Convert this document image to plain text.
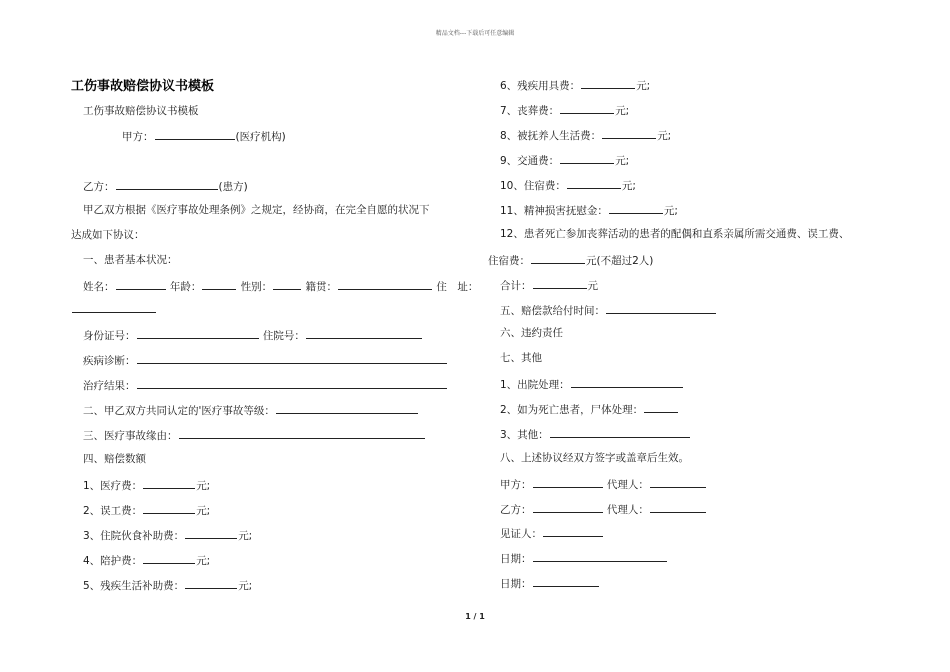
精品文档---下载后可任意编辑
工伤事故赔偿协议书模板
工伤事故赔偿协议书模板
甲方：	(医疗机构)
乙方：	(患方)
甲乙双方根据《医疗事故处理条例》之规定，经协商，在完全自愿的状况下
达成如下协议：
一、患者基本状况：
姓名：	年龄：	性别：	籍贯：	住　址：
身份证号：	住院号：
疾病诊断：
治疗结果：
二、甲乙双方共同认定的'医疗事故等级：
三、医疗事故缘由：
四、赔偿数额
1、医疗费：	元;
2、误工费：	元;
3、住院伙食补助费：	元;
4、陪护费：	元;
5、残疾生活补助费：	元;
6、残疾用具费：	元;
7、丧葬费：	元;
8、被抚养人生活费：	元;
9、交通费：	元;
10、住宿费：	元;
11、精神损害抚慰金：	元;
12、患者死亡参加丧葬活动的患者的配偶和直系亲属所需交通费、误工费、
住宿费：	元(不超过2人)
合计：	元
五、赔偿款给付时间：
六、违约责任
七、其他
1、出院处理：
2、如为死亡患者，尸体处理：
3、其他：
八、上述协议经双方签字或盖章后生效。
甲方：	代理人：
乙方：	代理人：
见证人：
日期：
日期：
1 / 1
